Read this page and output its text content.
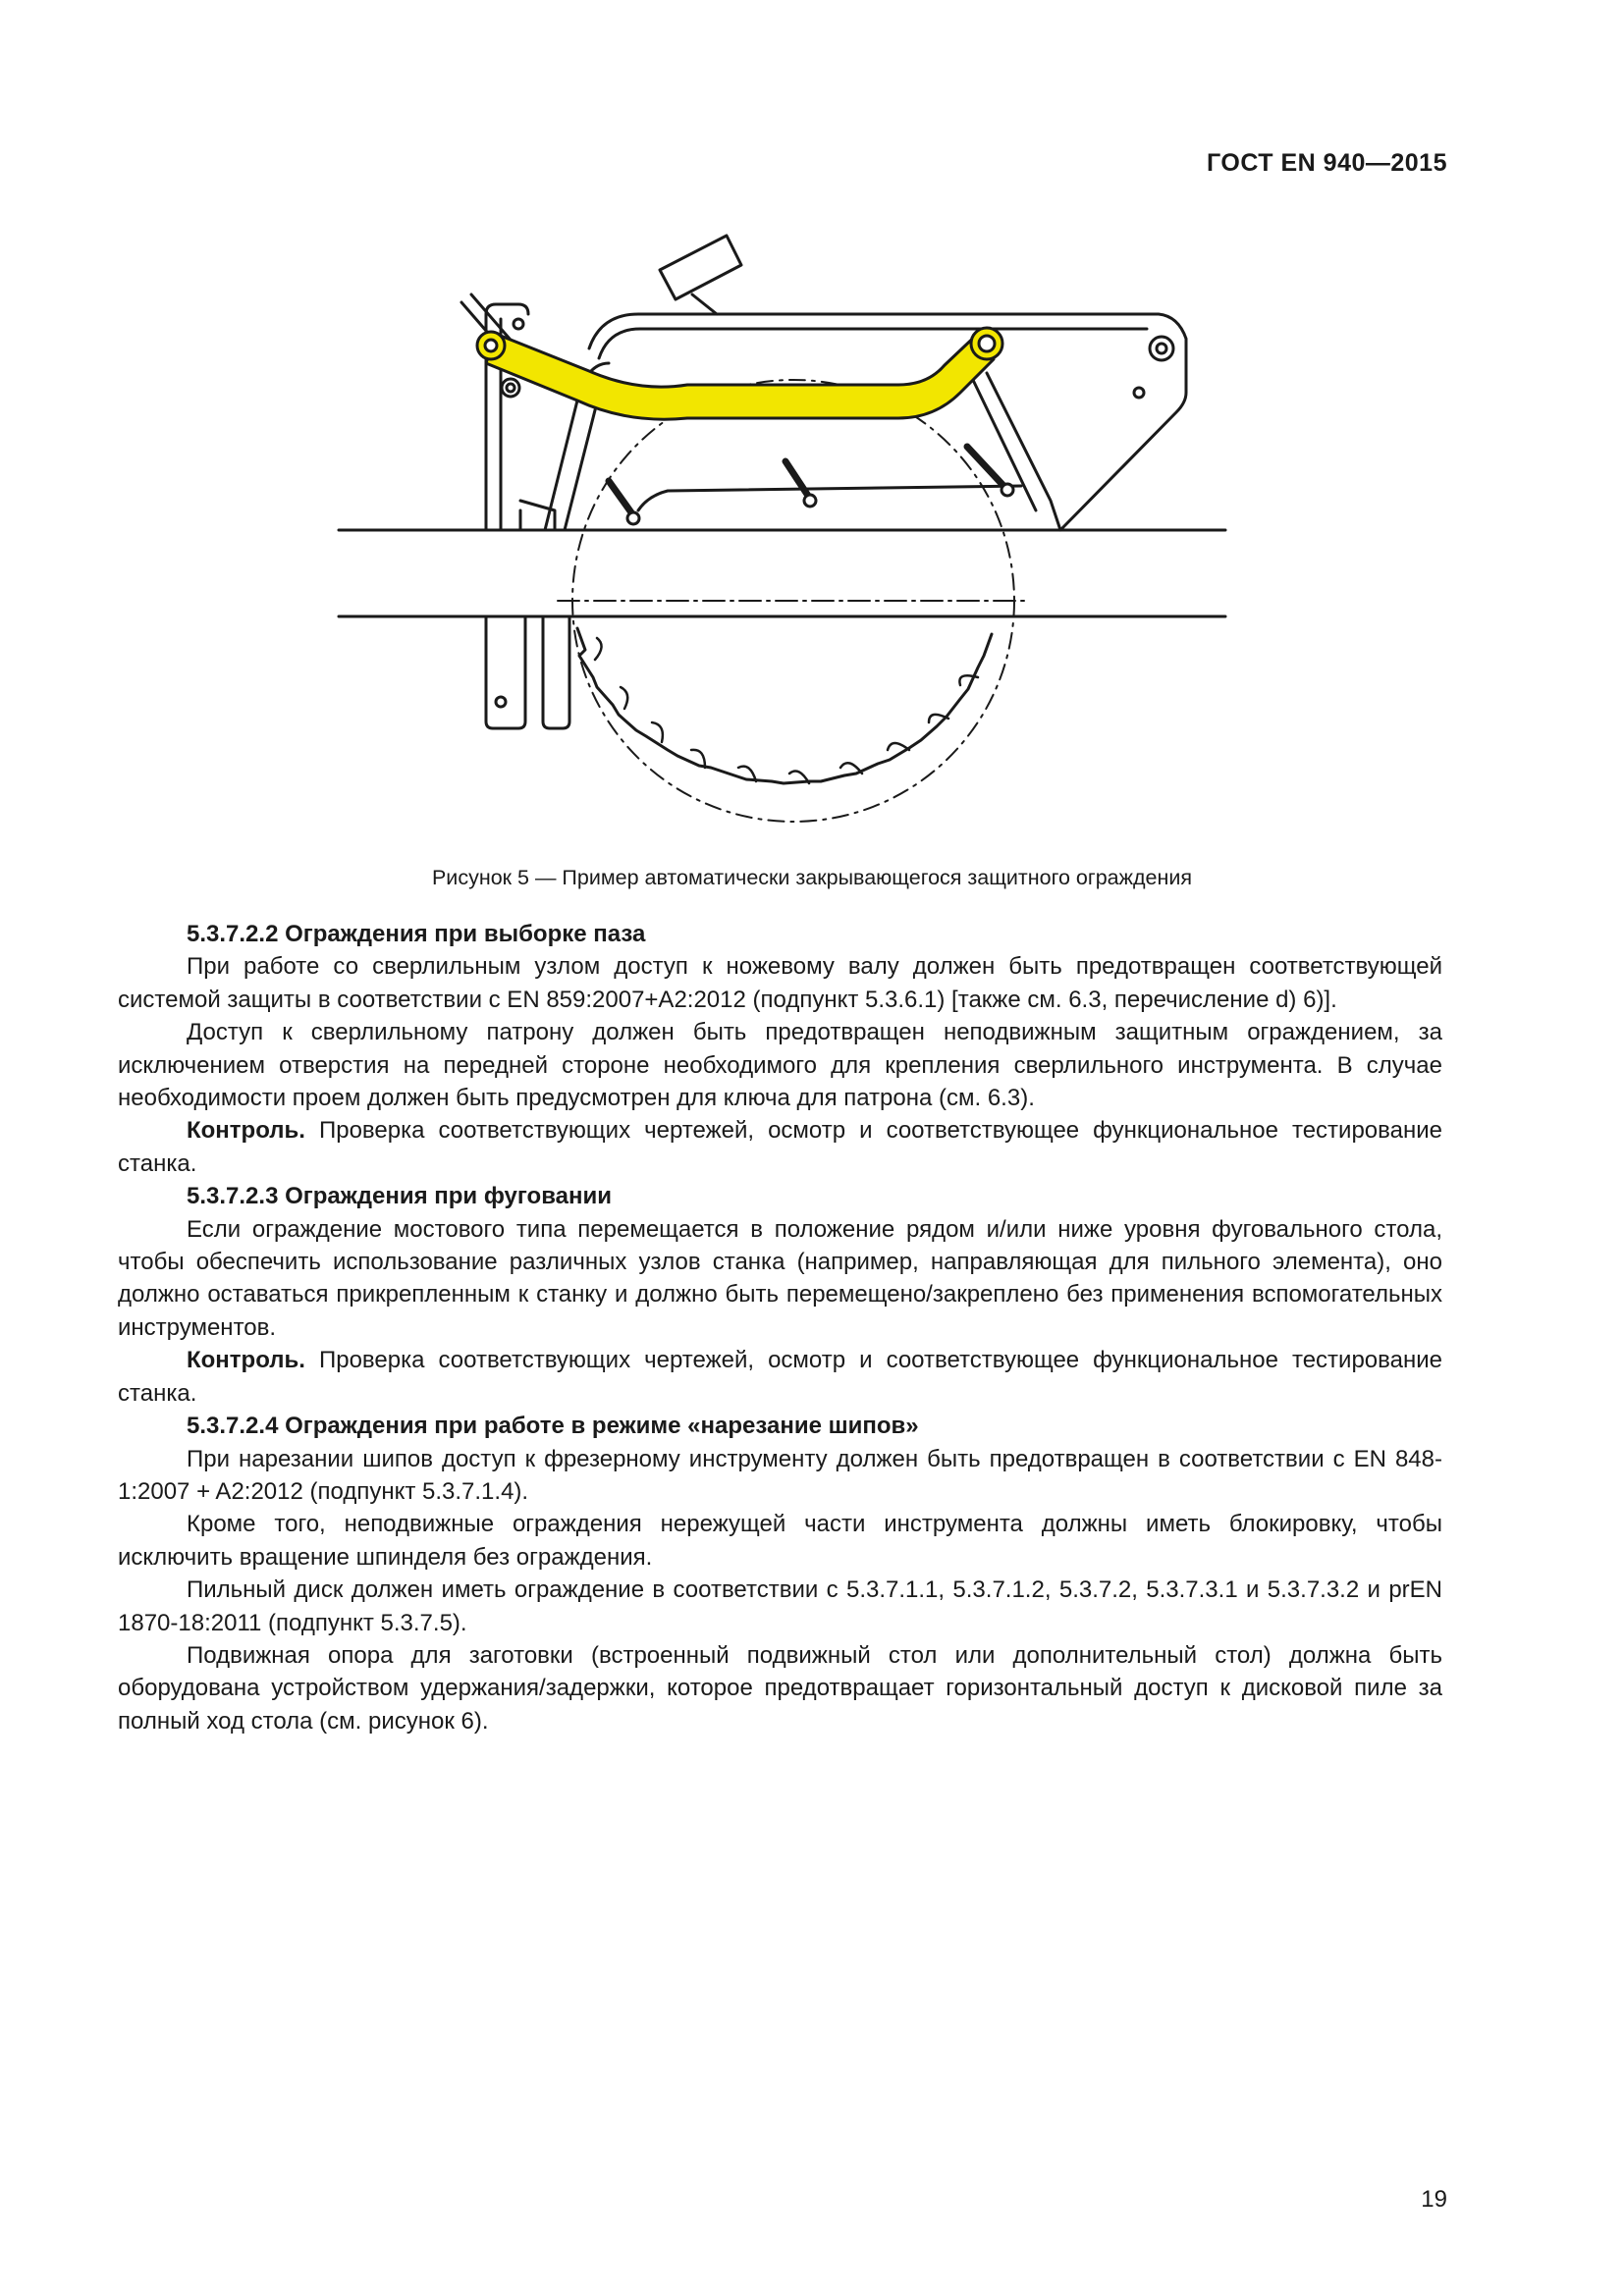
ГОСТ EN 940—2015
Рисунок 5 — Пример автоматически закрывающегося защитного ограждения

5.3.7.2.2 Ограждения при выборке паза

При работе со сверлильным узлом доступ к ножевому валу должен быть предотвращен соответствующей системой защиты в соответствии с EN 859:2007+A2:2012 (подпункт 5.3.6.1) [также см. 6.3, перечисление d) 6)].

Доступ к сверлильному патрону должен быть предотвращен неподвижным защитным ограждением, за исключением отверстия на передней стороне необходимого для крепления сверлильного инструмента. В случае необходимости проем должен быть предусмотрен для ключа для патрона (см. 6.3).

Контроль. Проверка соответствующих чертежей, осмотр и соответствующее функциональное тестирование станка.

5.3.7.2.3 Ограждения при фуговании

Если ограждение мостового типа перемещается в положение рядом и/или ниже уровня фуговального стола, чтобы обеспечить использование различных узлов станка (например, направляющая для пильного элемента), оно должно оставаться прикрепленным к станку и должно быть перемещено/закреплено без применения вспомогательных инструментов.

Контроль. Проверка соответствующих чертежей, осмотр и соответствующее функциональное тестирование станка.

5.3.7.2.4 Ограждения при работе в режиме «нарезание шипов»

При нарезании шипов доступ к фрезерному инструменту должен быть предотвращен в соответствии с EN 848-1:2007 + A2:2012 (подпункт 5.3.7.1.4).

Кроме того, неподвижные ограждения нережущей части инструмента должны иметь блокировку, чтобы исключить вращение шпинделя без ограждения.

Пильный диск должен иметь ограждение в соответствии с 5.3.7.1.1, 5.3.7.1.2, 5.3.7.2, 5.3.7.3.1 и 5.3.7.3.2 и prEN 1870-18:2011 (подпункт 5.3.7.5).

Подвижная опора для заготовки (встроенный подвижный стол или дополнительный стол) должна быть оборудована устройством удержания/задержки, которое предотвращает горизонтальный доступ к дисковой пиле за полный ход стола (см. рисунок 6).

19
